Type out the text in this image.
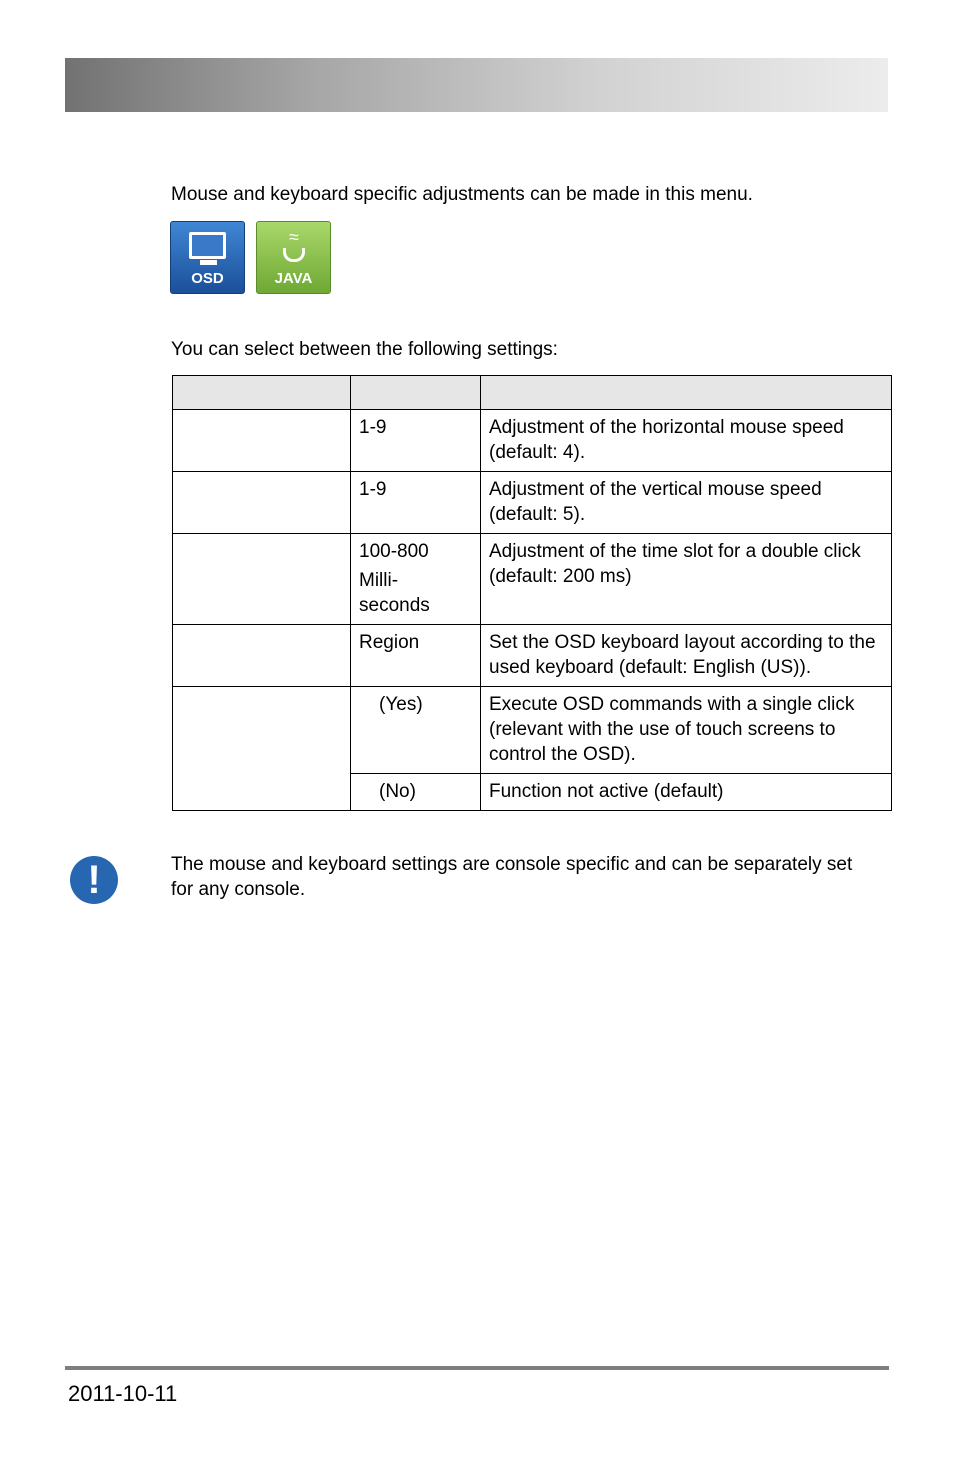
Mouse and keyboard specific adjustments can be made in this menu.
OSD
≈
JAVA
You can select between the following settings:

	1-9	Adjustment of the horizontal mouse speed (default: 4).
	1-9	Adjustment of the vertical mouse speed (default: 5).

	100-800
Milli-seconds	Adjustment of the time slot for a double click (default: 200 ms)
	Region	Set the OSD keyboard layout according to the used keyboard (default: English (US)).
	(Yes)	Execute OSD commands with a single click (relevant with the use of touch screens to control the OSD).
	(No)	Function not active (default)
!	The mouse and keyboard settings are console specific and can be separately set for any console.
2011-10-11
